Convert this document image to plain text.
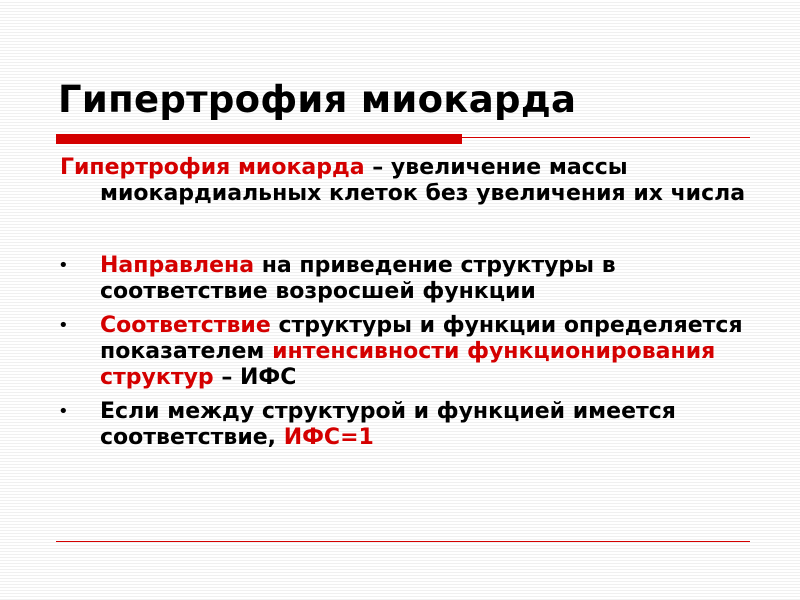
Гипертрофия миокарда

Гипертрофия миокарда – увеличение массы миокардиальных клеток без увеличения их числа

• Направлена на приведение структуры в соответствие возросшей функции
• Соответствие структуры и функции определяется показателем интенсивности функционирования структур – ИФС
• Если между структурой и функцией имеется соответствие, ИФС=1
